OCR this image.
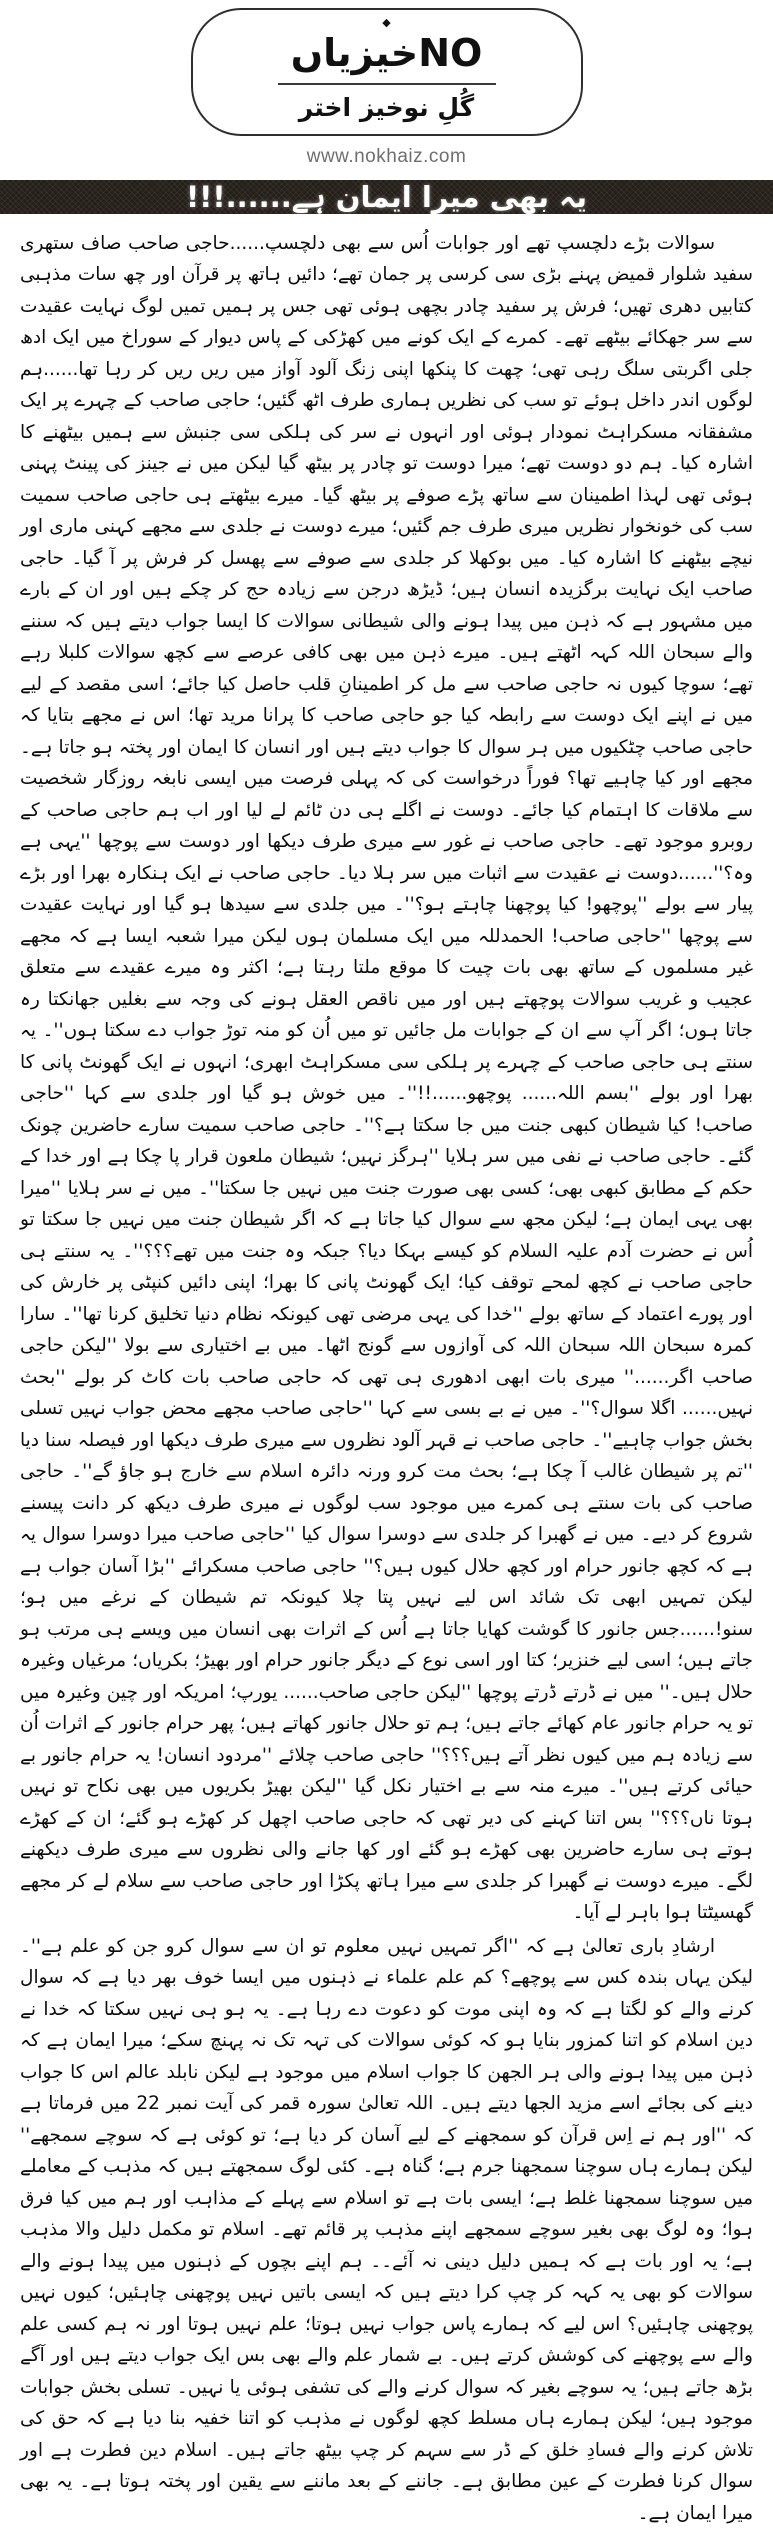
◆
NOخیزیاں
گُلِ نوخیز اختر
www.nokhaiz.com
یہ بھی میرا ایمان ہے......!!!

سوالات بڑے دلچسپ تھے اور جوابات اُس سے بھی دلچسپ......حاجی صاحب صاف ستھری سفید شلوار قمیض پہنے بڑی سی کرسی پر جمان تھے؛ دائیں ہاتھ پر قرآن اور چھ سات مذہبی کتابیں دھری تھیں؛ فرش پر سفید چادر بچھی ہوئی تھی جس پر ہمیں تمیں لوگ نہایت عقیدت سے سر جھکائے بیٹھے تھے۔ کمرے کے ایک کونے میں کھڑکی کے پاس دیوار کے سوراخ میں ایک ادھ جلی اگربتی سلگ رہی تھی؛ چھت کا پنکھا اپنی زنگ آلود آواز میں ریں ریں کر رہا تھا......ہم لوگوں اندر داخل ہوئے تو سب کی نظریں ہماری طرف اٹھ گئیں؛ حاجی صاحب کے چہرے پر ایک مشفقانہ مسکراہٹ نمودار ہوئی اور انہوں نے سر کی ہلکی سی جنبش سے ہمیں بیٹھنے کا اشارہ کیا۔ ہم دو دوست تھے؛ میرا دوست تو چادر پر بیٹھ گیا لیکن میں نے جینز کی پینٹ پہنی ہوئی تھی لہذا اطمینان سے ساتھ پڑے صوفے پر بیٹھ گیا۔ میرے بیٹھتے ہی حاجی صاحب سمیت سب کی خونخوار نظریں میری طرف جم گئیں؛ میرے دوست نے جلدی سے مجھے کہنی ماری اور نیچے بیٹھنے کا اشارہ کیا۔ میں بوکھلا کر جلدی سے صوفے سے پھسل کر فرش پر آ گیا۔ حاجی صاحب ایک نہایت برگزیدہ انسان ہیں؛ ڈیڑھ درجن سے زیادہ حج کر چکے ہیں اور ان کے بارے میں مشہور ہے کہ ذہن میں پیدا ہونے والی شیطانی سوالات کا ایسا جواب دیتے ہیں کہ سننے والے سبحان اللہ کہہ اٹھتے ہیں۔ میرے ذہن میں بھی کافی عرصے سے کچھ سوالات کلبلا رہے تھے؛ سوچا کیوں نہ حاجی صاحب سے مل کر اطمینانِ قلب حاصل کیا جائے؛ اسی مقصد کے لیے میں نے اپنے ایک دوست سے رابطہ کیا جو حاجی صاحب کا پرانا مرید تھا؛ اس نے مجھے بتایا کہ حاجی صاحب چٹکیوں میں ہر سوال کا جواب دیتے ہیں اور انسان کا ایمان اور پختہ ہو جاتا ہے۔ مجھے اور کیا چاہیے تھا؟ فوراً درخواست کی کہ پہلی فرصت میں ایسی نابغہ روزگار شخصیت سے ملاقات کا اہتمام کیا جائے۔ دوست نے اگلے ہی دن ٹائم لے لیا اور اب ہم حاجی صاحب کے روبرو موجود تھے۔ حاجی صاحب نے غور سے میری طرف دیکھا اور دوست سے پوچھا ''یہی ہے وہ؟''......دوست نے عقیدت سے اثبات میں سر ہلا دیا۔ حاجی صاحب نے ایک ہنکارہ بھرا اور بڑے پیار سے بولے ''پوچھو! کیا پوچھنا چاہتے ہو؟''۔ میں جلدی سے سیدھا ہو گیا اور نہایت عقیدت سے پوچھا ''حاجی صاحب! الحمدللہ میں ایک مسلمان ہوں لیکن میرا شعبہ ایسا ہے کہ مجھے غیر مسلموں کے ساتھ بھی بات چیت کا موقع ملتا رہتا ہے؛ اکثر وہ میرے عقیدے سے متعلق عجیب و غریب سوالات پوچھتے ہیں اور میں ناقص العقل ہونے کی وجہ سے بغلیں جھانکتا رہ جاتا ہوں؛ اگر آپ سے ان کے جوابات مل جائیں تو میں اُن کو منہ توڑ جواب دے سکتا ہوں''۔ یہ سنتے ہی حاجی صاحب کے چہرے پر ہلکی سی مسکراہٹ ابھری؛ انہوں نے ایک گھونٹ پانی کا بھرا اور بولے ''بسم اللہ...... پوچھو......!!''۔ میں خوش ہو گیا اور جلدی سے کہا ''حاجی صاحب! کیا شیطان کبھی جنت میں جا سکتا ہے؟''۔ حاجی صاحب سمیت سارے حاضرین چونک گئے۔ حاجی صاحب نے نفی میں سر ہلایا ''ہرگز نہیں؛ شیطان ملعون قرار پا چکا ہے اور خدا کے حکم کے مطابق کبھی بھی؛ کسی بھی صورت جنت میں نہیں جا سکتا''۔ میں نے سر ہلایا ''میرا بھی یہی ایمان ہے؛ لیکن مجھ سے سوال کیا جاتا ہے کہ اگر شیطان جنت میں نہیں جا سکتا تو اُس نے حضرت آدم علیہ السلام کو کیسے بہکا دیا؟ جبکہ وہ جنت میں تھے؟؟؟''۔ یہ سنتے ہی حاجی صاحب نے کچھ لمحے توقف کیا؛ ایک گھونٹ پانی کا بھرا؛ اپنی دائیں کنپٹی پر خارش کی اور پورے اعتماد کے ساتھ بولے ''خدا کی یہی مرضی تھی کیونکہ نظام دنیا تخلیق کرنا تھا''۔ سارا کمرہ سبحان اللہ سبحان اللہ کی آوازوں سے گونج اٹھا۔ میں بے اختیاری سے بولا ''لیکن حاجی صاحب اگر......'' میری بات ابھی ادھوری ہی تھی کہ حاجی صاحب بات کاٹ کر بولے ''بحث نہیں...... اگلا سوال؟''۔ میں نے بے بسی سے کہا ''حاجی صاحب مجھے محض جواب نہیں تسلی بخش جواب چاہیے''۔ حاجی صاحب نے قہر آلود نظروں سے میری طرف دیکھا اور فیصلہ سنا دیا ''تم پر شیطان غالب آ چکا ہے؛ بحث مت کرو ورنہ دائرہ اسلام سے خارج ہو جاؤ گے''۔ حاجی صاحب کی بات سنتے ہی کمرے میں موجود سب لوگوں نے میری طرف دیکھ کر دانت پیسنے شروع کر دیے۔ میں نے گھبرا کر جلدی سے دوسرا سوال کیا ''حاجی صاحب میرا دوسرا سوال یہ ہے کہ کچھ جانور حرام اور کچھ حلال کیوں ہیں؟'' حاجی صاحب مسکرائے ''بڑا آسان جواب ہے لیکن تمہیں ابھی تک شائد اس لیے نہیں پتا چلا کیونکہ تم شیطان کے نرغے میں ہو؛ سنو!......جس جانور کا گوشت کھایا جاتا ہے اُس کے اثرات بھی انسان میں ویسے ہی مرتب ہو جاتے ہیں؛ اسی لیے خنزیر؛ کتا اور اسی نوع کے دیگر جانور حرام اور بھیڑ؛ بکریاں؛ مرغیاں وغیرہ حلال ہیں۔'' میں نے ڈرتے ڈرتے پوچھا ''لیکن حاجی صاحب...... یورپ؛ امریکہ اور چین وغیرہ میں تو یہ حرام جانور عام کھائے جاتے ہیں؛ ہم تو حلال جانور کھاتے ہیں؛ پھر حرام جانور کے اثرات اُن سے زیادہ ہم میں کیوں نظر آتے ہیں؟؟؟'' حاجی صاحب چلائے ''مردود انسان! یہ حرام جانور بے حیائی کرتے ہیں''۔ میرے منہ سے بے اختیار نکل گیا ''لیکن بھیڑ بکریوں میں بھی نکاح تو نہیں ہوتا ناں؟؟؟'' بس اتنا کہنے کی دیر تھی کہ حاجی صاحب اچھل کر کھڑے ہو گئے؛ ان کے کھڑے ہوتے ہی سارے حاضرین بھی کھڑے ہو گئے اور کھا جانے والی نظروں سے میری طرف دیکھنے لگے۔ میرے دوست نے گھبرا کر جلدی سے میرا ہاتھ پکڑا اور حاجی صاحب سے سلام لے کر مجھے گھسیٹتا ہوا باہر لے آیا۔

ارشادِ باری تعالیٰ ہے کہ ''اگر تمہیں نہیں معلوم تو ان سے سوال کرو جن کو علم ہے''۔ لیکن یہاں بندہ کس سے پوچھے؟ کم علم علماء نے ذہنوں میں ایسا خوف بھر دیا ہے کہ سوال کرنے والے کو لگتا ہے کہ وہ اپنی موت کو دعوت دے رہا ہے۔ یہ ہو ہی نہیں سکتا کہ خدا نے دین اسلام کو اتنا کمزور بنایا ہو کہ کوئی سوالات کی تہہ تک نہ پہنچ سکے؛ میرا ایمان ہے کہ ذہن میں پیدا ہونے والی ہر الجھن کا جواب اسلام میں موجود ہے لیکن نابلد عالم اس کا جواب دینے کی بجائے اسے مزید الجھا دیتے ہیں۔ اللہ تعالیٰ سورہ قمر کی آیت نمبر 22 میں فرماتا ہے کہ ''اور ہم نے اِس قرآن کو سمجھنے کے لیے آسان کر دیا ہے؛ تو کوئی ہے کہ سوچے سمجھے'' لیکن ہمارے ہاں سوچنا سمجھنا جرم ہے؛ گناہ ہے۔ کئی لوگ سمجھتے ہیں کہ مذہب کے معاملے میں سوچنا سمجھنا غلط ہے؛ ایسی بات ہے تو اسلام سے پہلے کے مذاہب اور ہم میں کیا فرق ہوا؛ وہ لوگ بھی بغیر سوچے سمجھے اپنے مذہب پر قائم تھے۔ اسلام تو مکمل دلیل والا مذہب ہے؛ یہ اور بات ہے کہ ہمیں دلیل دینی نہ آئے۔۔ ہم اپنے بچوں کے ذہنوں میں پیدا ہونے والے سوالات کو بھی یہ کہہ کر چپ کرا دیتے ہیں کہ ایسی باتیں نہیں پوچھنی چاہئیں؛ کیوں نہیں پوچھنی چاہئیں؟ اس لیے کہ ہمارے پاس جواب نہیں ہوتا؛ علم نہیں ہوتا اور نہ ہم کسی علم والے سے پوچھنے کی کوشش کرتے ہیں۔ بے شمار علم والے بھی بس ایک جواب دیتے ہیں اور آگے بڑھ جاتے ہیں؛ یہ سوچے بغیر کہ سوال کرنے والے کی تشفی ہوئی یا نہیں۔ تسلی بخش جوابات موجود ہیں؛ لیکن ہمارے ہاں مسلط کچھ لوگوں نے مذہب کو اتنا خفیہ بنا دیا ہے کہ حق کی تلاش کرنے والے فسادِ خلق کے ڈر سے سہم کر چپ بیٹھ جاتے ہیں۔ اسلام دین فطرت ہے اور سوال کرنا فطرت کے عین مطابق ہے۔ جاننے کے بعد ماننے سے یقین اور پختہ ہوتا ہے۔ یہ بھی میرا ایمان ہے۔
